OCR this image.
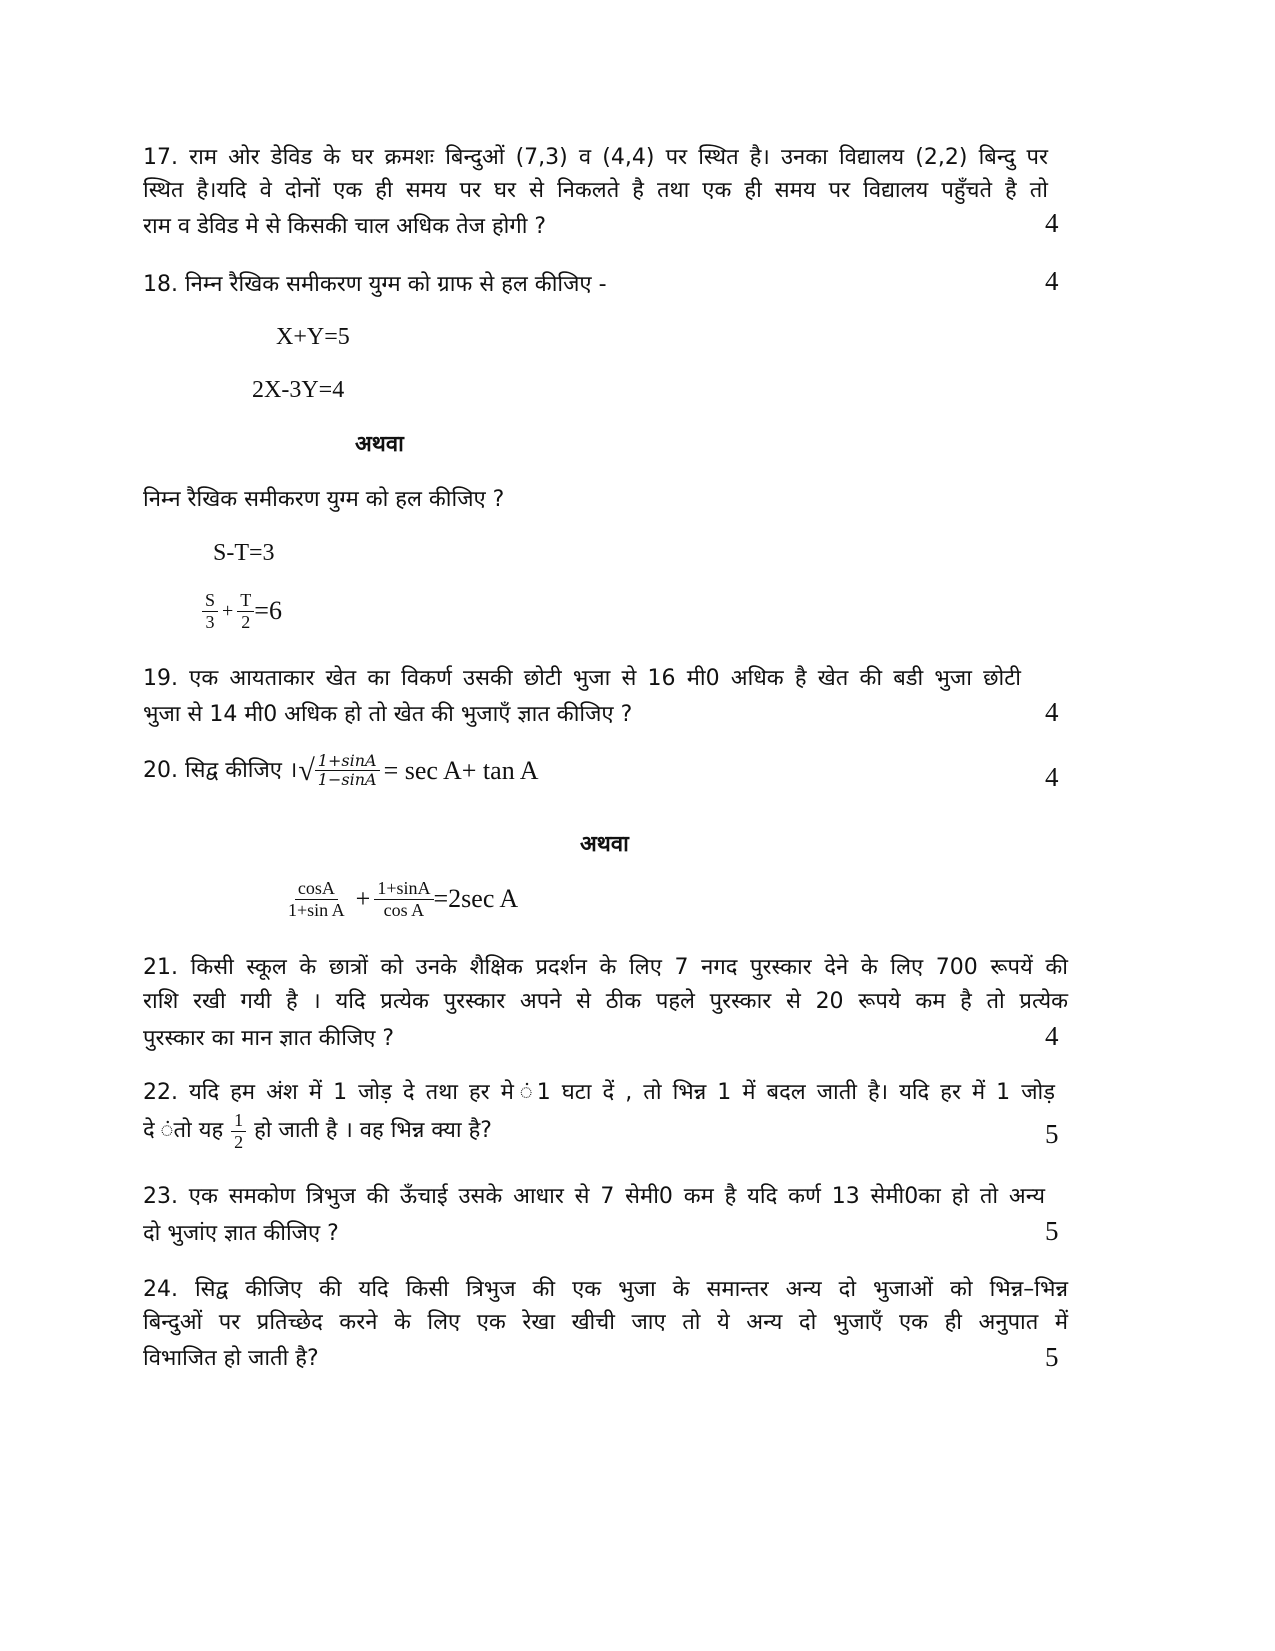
17. राम ओर डेविड के घर क्रमशः बिन्दुओं (7,3) व (4,4) पर स्थित है। उनका विद्यालय (2,2) बिन्दु पर
स्थित है।यदि वे दोनों एक ही समय पर घर से निकलते है तथा एक ही समय पर विद्यालय पहुँचते है तो
राम व डेविड मे से किसकी चाल अधिक तेज होगी ?	4
18. निम्न रैखिक समीकरण युग्म को ग्राफ से हल कीजिए -	4
X+Y=5
2X-3Y=4
अथवा
निम्न रैखिक समीकरण युग्म को हल कीजिए ?
S-T=3
$\frac{S}{3} + \frac{T}{2} =6$
19. एक आयताकार खेत का विकर्ण उसकी छोटी भुजा से 16 मी0 अधिक है खेत की बडी भुजा छोटी
भुजा से 14 मी0 अधिक हो तो खेत की भुजाऍं ज्ञात कीजिए ?	4
20. सिद्व कीजिए । √ $\frac{1+\sin A}{1-\sin A} = \sec A+ \tan A$	4
अथवा
$\frac{\cos A}{\text{1+sin A}} + \frac{1+\sin A}{\text{cos A}} =2\sec$ A
21. किसी स्कूल के छात्रों को उनके शैक्षिक प्रदर्शन के लिए 7 नगद पुरस्कार देने के लिए 700 रूपयें की
राशि रखी गयी है । यदि प्रत्येक पुरस्कार अपने से ठीक पहले पुरस्कार से 20 रूपये कम है तो प्रत्येक
पुरस्कार का मान ज्ञात कीजिए ?	4
22. यदि हम अंश में 1 जोड़ दे तथा हर मे ं1 घटा दें , तो भिन्न 1 में बदल जाती है। यदि हर में 1 जोड़
दे ंतो यह $\frac{1}{2}$ हो जाती है । वह भिन्न क्या है?	5
23. एक समकोण त्रिभुज की ऊॅंचाई उसके आधार से 7 सेमी0 कम है यदि कर्ण 13 सेमी0का हो तो अन्य
दो भुजांए ज्ञात कीजिए ?	5
24. सिद्व कीजिए की यदि किसी त्रिभुज की एक भुजा के समान्तर अन्य दो भुजाओं को भिन्न–भिन्न
बिन्दुओं पर प्रतिच्छेद करने के लिए एक रेखा खीची जाए तो ये अन्य दो भुजाऍं एक ही अनुपात में
विभाजित हो जाती है?	5
